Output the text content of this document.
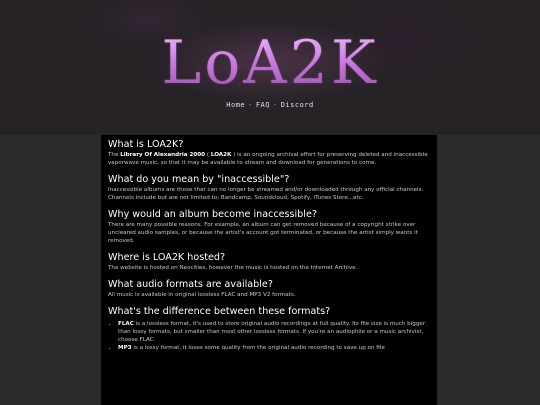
LoA2K
Home - FAQ - Discord
What is LOA2K?

The Library Of Alexandria 2000 ( LOA2K ) is an ongoing archival effort for preserving deleted and inaccessible vaporwave music, so that it may be available to stream and download for generations to come.

What do you mean by "inaccessible"?

Inaccessible albums are those that can no longer be streamed and/or downloaded through any official channels. Channels include but are not limited to; Bandcamp, Soundcloud, Spotify, iTunes Store...etc.

Why would an album become inaccessible?

There are many possible reasons. For example, an album can get removed because of a copyright strike over uncleared audio samples, or because the artist's account got terminated, or because the artist simply wants it removed.

Where is LOA2K hosted?

The website is hosted on Neocities, however the music is hosted on the Internet Archive.

What audio formats are available?

All music is available in original lossless FLAC and MP3 V2 formats.

What's the difference between these formats?
• FLAC is a lossless format, it's used to store original audio recordings at full quality. Its file size is much bigger than lossy formats, but smaller than most other lossless formats. If you're an audiophile or a music archivist, choose FLAC.
• MP3 is a lossy format, it loses some quality from the original audio recording to save up on file
